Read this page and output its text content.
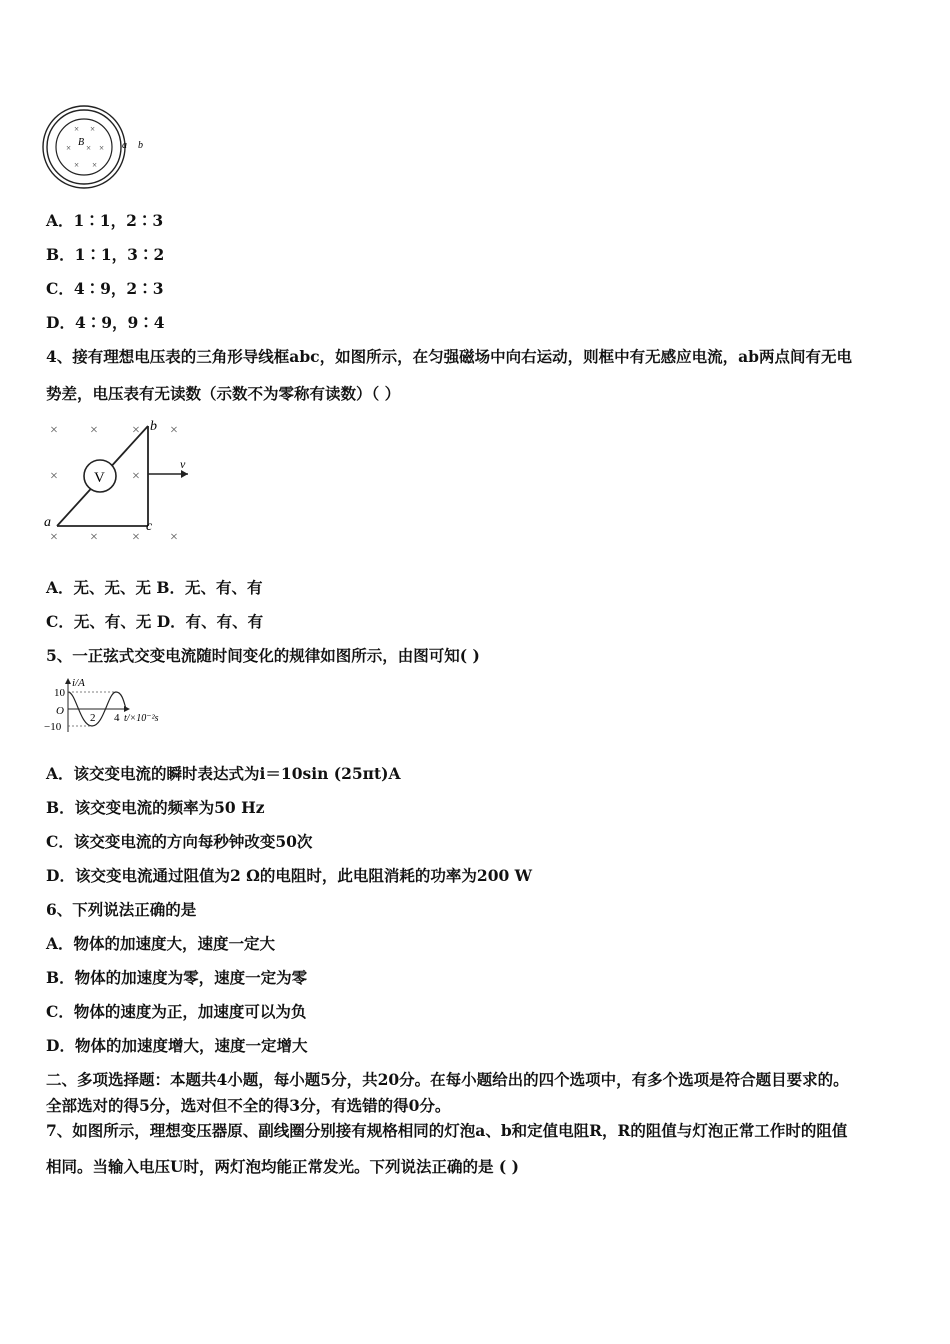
× ×
× × ×
× ×
B	a b
A．1∶1，2∶3
B．1∶1，3∶2
C．4∶9，2∶3
D．4∶9，9∶4
4、接有理想电压表的三角形导线框abc，如图所示，在匀强磁场中向右运动，则框中有无感应电流，ab两点间有无电
势差，电压表有无读数（示数不为零称有读数）（ ）
× × × ×
×	×
× × × ×
V
v
b
a	c
A．无、无、无 B．无、有、有
C．无、有、无 D．有、有、有
5、一正弦式交变电流随时间变化的规律如图所示，由图可知( )
i/A
10
O
−10
2 4 t/×10⁻²s
A．该交变电流的瞬时表达式为i＝10sin (25πt)A
B．该交变电流的频率为50 Hz
C．该交变电流的方向每秒钟改变50次
D．该交变电流通过阻值为2 Ω的电阻时，此电阻消耗的功率为200 W
6、下列说法正确的是
A．物体的加速度大，速度一定大
B．物体的加速度为零，速度一定为零
C．物体的速度为正，加速度可以为负
D．物体的加速度增大，速度一定增大
二、多项选择题：本题共4小题，每小题5分，共20分。在每小题给出的四个选项中，有多个选项是符合题目要求的。
全部选对的得5分，选对但不全的得3分，有选错的得0分。
7、如图所示，理想变压器原、副线圈分别接有规格相同的灯泡a、b和定值电阻R，R的阻值与灯泡正常工作时的阻值
相同。当输入电压U时，两灯泡均能正常发光。下列说法正确的是 ( )
